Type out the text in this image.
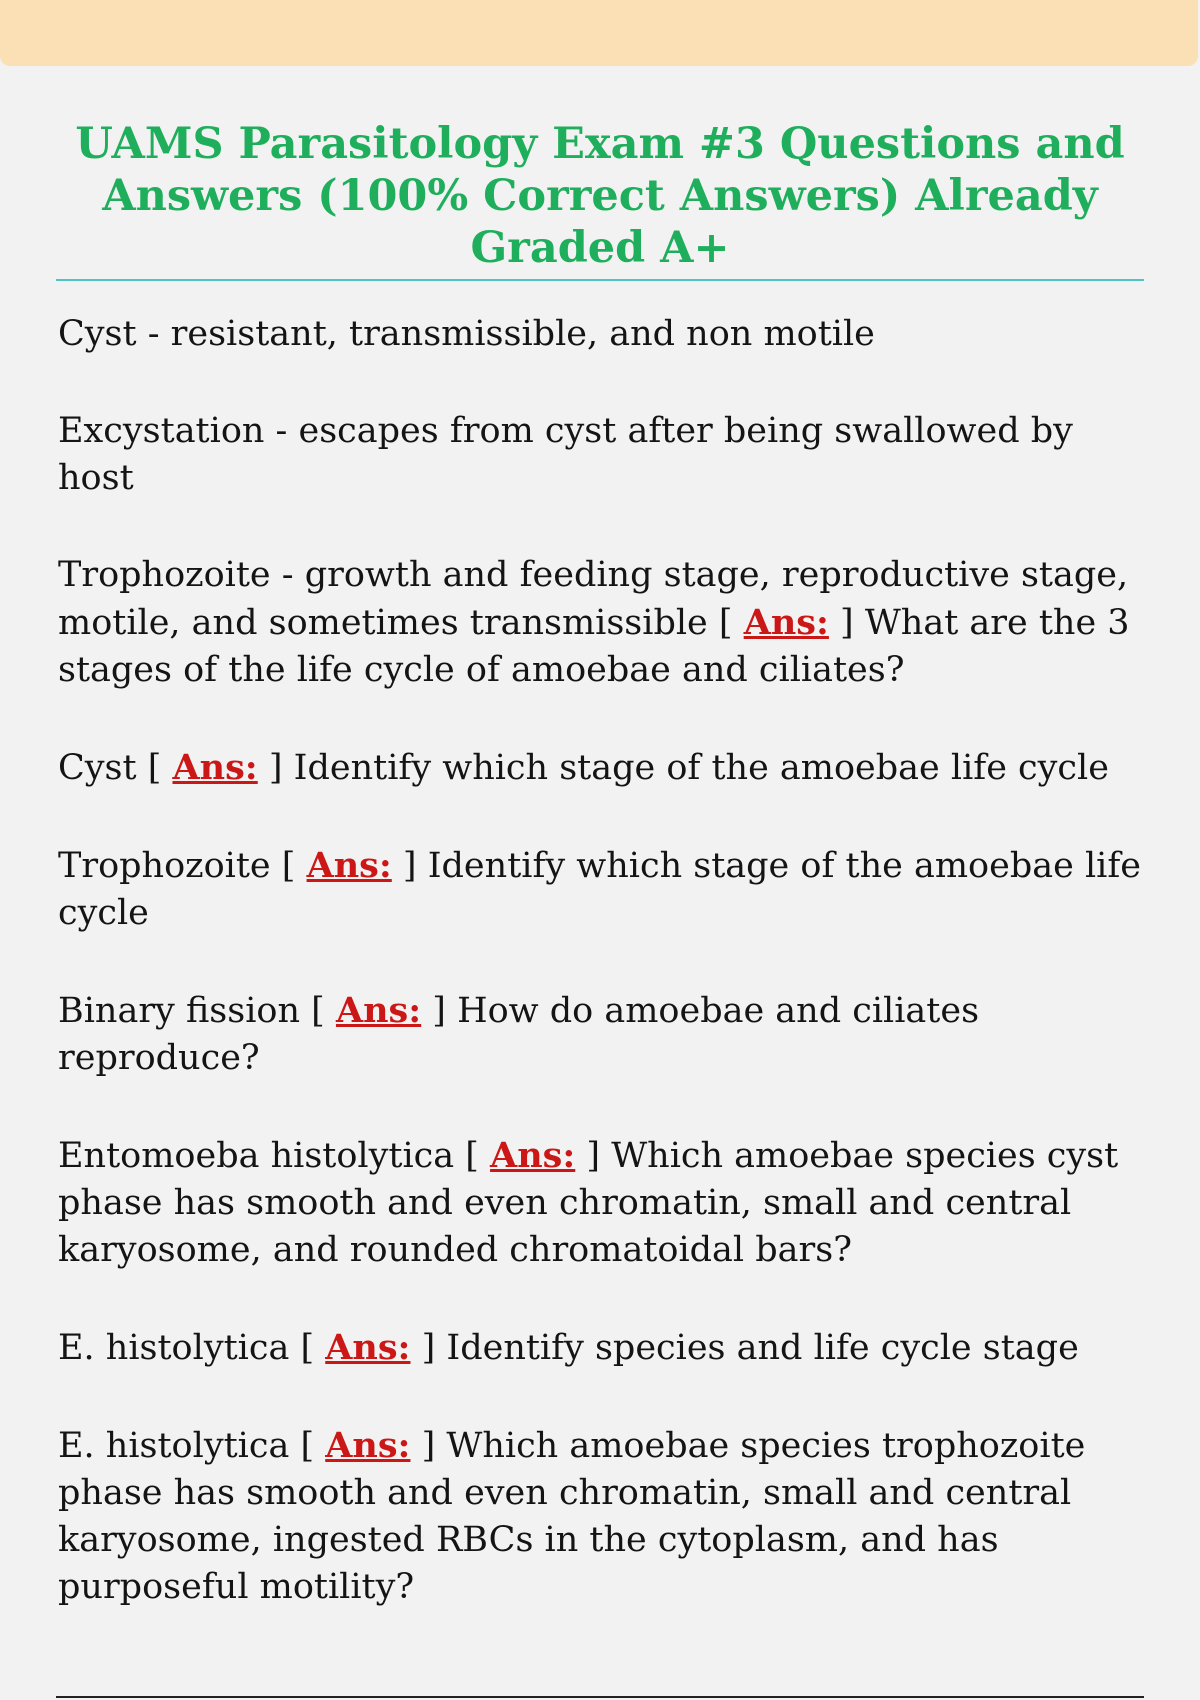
UAMS Parasitology Exam #3 Questions and Answers (100% Correct Answers) Already Graded A+
Cyst - resistant, transmissible, and non motile
Excystation - escapes from cyst after being swallowed by host
Trophozoite - growth and feeding stage, reproductive stage, motile, and sometimes transmissible [ Ans: ] What are the 3 stages of the life cycle of amoebae and ciliates?
Cyst [ Ans: ] Identify which stage of the amoebae life cycle
Trophozoite [ Ans: ] Identify which stage of the amoebae life cycle
Binary fission [ Ans: ] How do amoebae and ciliates reproduce?
Entomoeba histolytica [ Ans: ] Which amoebae species cyst phase has smooth and even chromatin, small and central karyosome, and rounded chromatoidal bars?
E. histolytica [ Ans: ] Identify species and life cycle stage
E. histolytica [ Ans: ] Which amoebae species trophozoite phase has smooth and even chromatin, small and central karyosome, ingested RBCs in the cytoplasm, and has purposeful motility?
